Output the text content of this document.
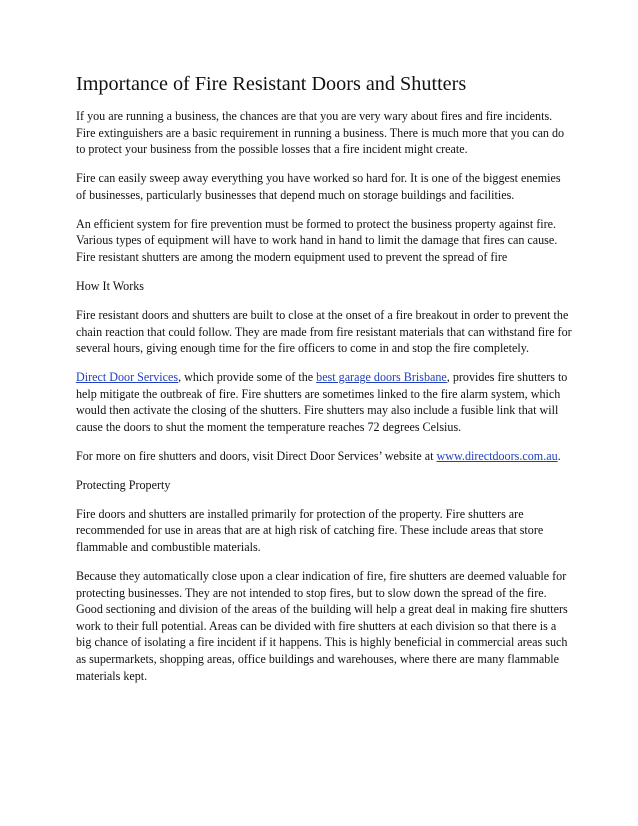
Importance of Fire Resistant Doors and Shutters

If you are running a business, the chances are that you are very wary about fires and fire incidents. Fire extinguishers are a basic requirement in running a business. There is much more that you can do to protect your business from the possible losses that a fire incident might create.

Fire can easily sweep away everything you have worked so hard for. It is one of the biggest enemies of businesses, particularly businesses that depend much on storage buildings and facilities.

An efficient system for fire prevention must be formed to protect the business property against fire. Various types of equipment will have to work hand in hand to limit the damage that fires can cause. Fire resistant shutters are among the modern equipment used to prevent the spread of fire

How It Works

Fire resistant doors and shutters are built to close at the onset of a fire breakout in order to prevent the chain reaction that could follow. They are made from fire resistant materials that can withstand fire for several hours, giving enough time for the fire officers to come in and stop the fire completely.

Direct Door Services, which provide some of the best garage doors Brisbane, provides fire shutters to help mitigate the outbreak of fire. Fire shutters are sometimes linked to the fire alarm system, which would then activate the closing of the shutters. Fire shutters may also include a fusible link that will cause the doors to shut the moment the temperature reaches 72 degrees Celsius.

For more on fire shutters and doors, visit Direct Door Services’ website at www.directdoors.com.au.

Protecting Property

Fire doors and shutters are installed primarily for protection of the property. Fire shutters are recommended for use in areas that are at high risk of catching fire. These include areas that store flammable and combustible materials.

Because they automatically close upon a clear indication of fire, fire shutters are deemed valuable for protecting businesses. They are not intended to stop fires, but to slow down the spread of the fire.

Good sectioning and division of the areas of the building will help a great deal in making fire shutters work to their full potential. Areas can be divided with fire shutters at each division so that there is a big chance of isolating a fire incident if it happens. This is highly beneficial in commercial areas such as supermarkets, shopping areas, office buildings and warehouses, where there are many flammable materials kept.
